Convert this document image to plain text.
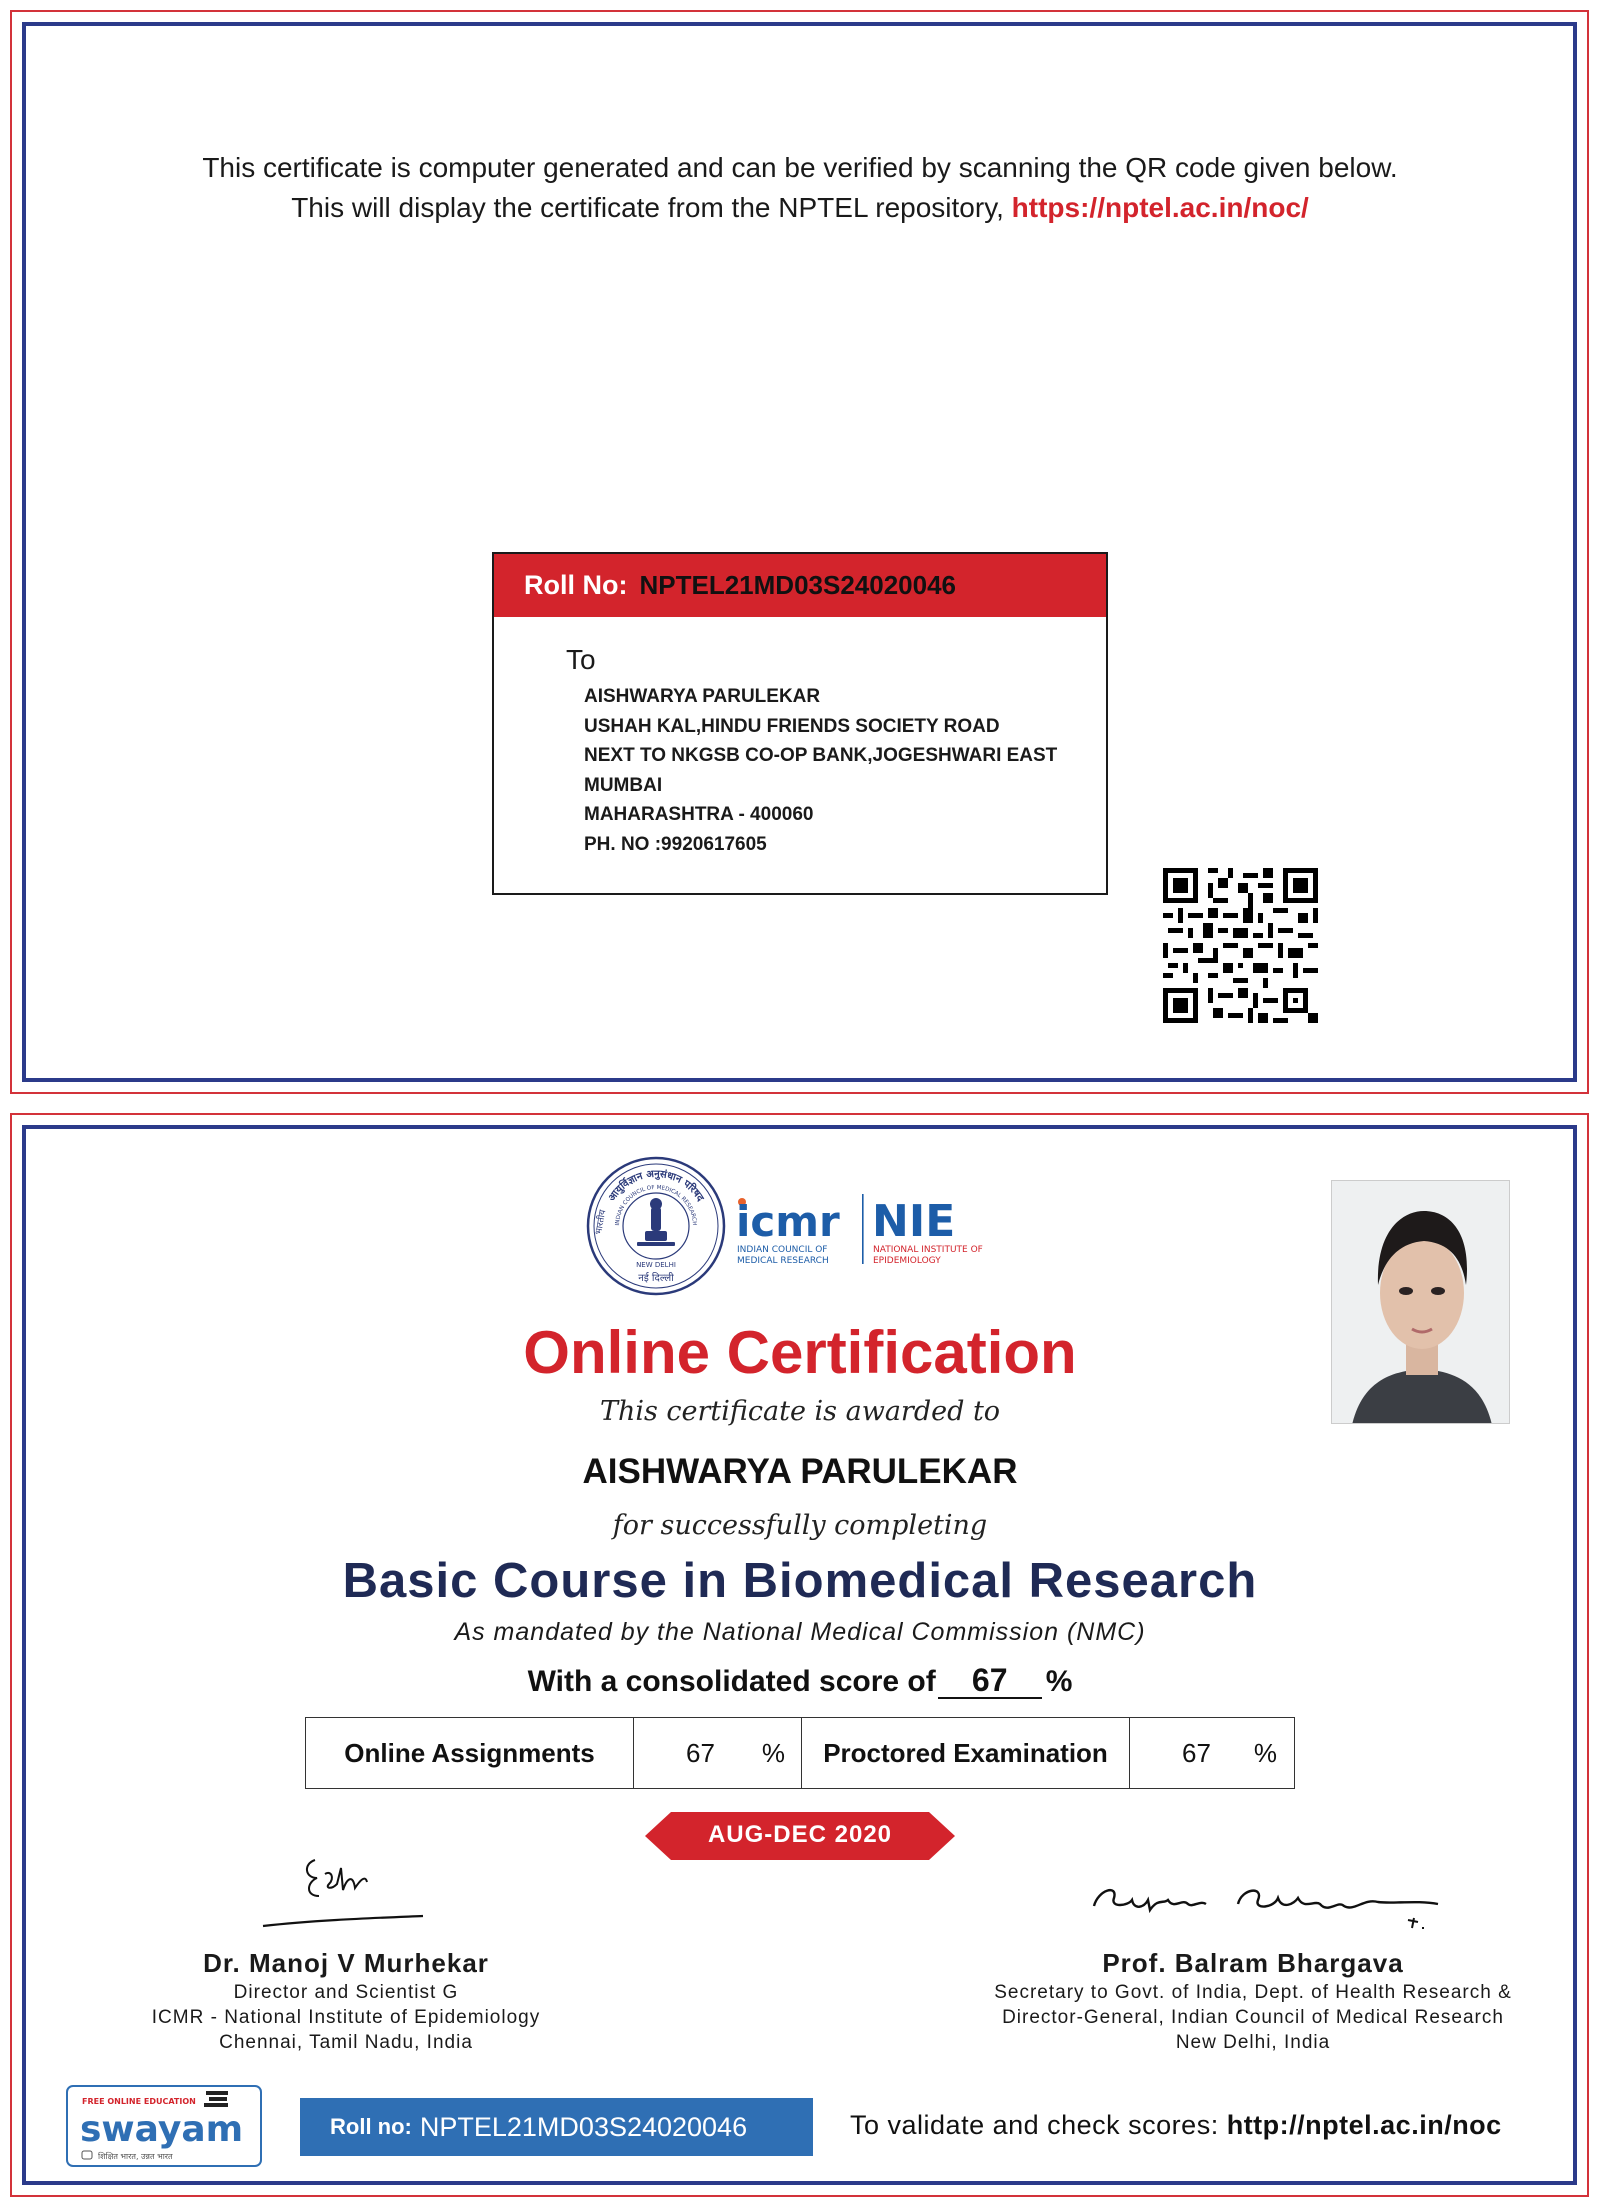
This certificate is computer generated and can be verified by scanning the QR code given below.
This will display the certificate from the NPTEL repository, https://nptel.ac.in/noc/
Roll No: NPTEL21MD03S24020046
To
AISHWARYA PARULEKAR
USHAH KAL,HINDU FRIENDS SOCIETY ROAD
NEXT TO NKGSB CO-OP BANK,JOGESHWARI EAST
MUMBAI
MAHARASHTRA - 400060
PH. NO :9920617605
आयुर्विज्ञान अनुसंधान परिषद
INDIAN COUNCIL OF MEDICAL RESEARCH
NEW DELHI
नई दिल्ली
भारतीय	icmr
INDIAN COUNCIL OF
MEDICAL RESEARCH
NIE
NATIONAL INSTITUTE OF
EPIDEMIOLOGY
Online Certification
This certificate is awarded to
AISHWARYA PARULEKAR
for successfully completing
Basic Course in Biomedical Research
As mandated by the National Medical Commission (NMC)
With a consolidated score of	67	%
Online Assignments	67 %	Proctored Examination	67 %
AUG-DEC 2020
Dr. Manoj V Murhekar
Director and Scientist G
ICMR - National Institute of Epidemiology
Chennai, Tamil Nadu, India
Prof. Balram Bhargava
Secretary to Govt. of India, Dept. of Health Research &
Director-General, Indian Council of Medical Research
New Delhi, India
FREE ONLINE EDUCATION
swayam
शिक्षित भारत, उन्नत भारत
Roll no: NPTEL21MD03S24020046	To validate and check scores: http://nptel.ac.in/noc
